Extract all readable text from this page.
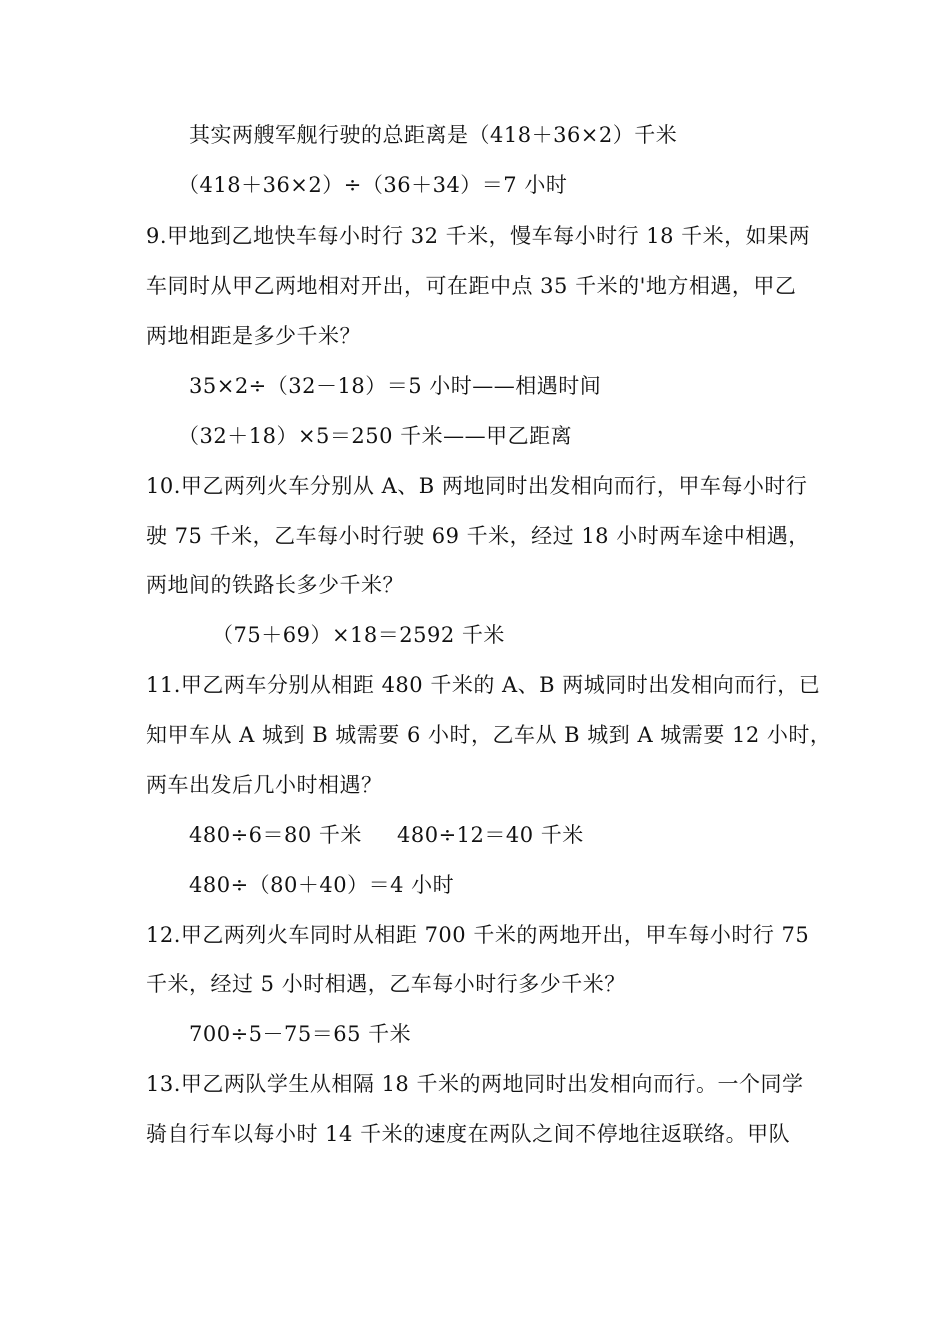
其实两艘军舰行驶的总距离是（418＋36×2）千米
（418＋36×2）÷（36＋34）＝7 小时
9.甲地到乙地快车每小时行 32 千米，慢车每小时行 18 千米，如果两
车同时从甲乙两地相对开出，可在距中点 35 千米的'地方相遇，甲乙
两地相距是多少千米？
35×2÷（32－18）＝5 小时——相遇时间
（32＋18）×5＝250 千米——甲乙距离
10.甲乙两列火车分别从 A、B 两地同时出发相向而行，甲车每小时行
驶 75 千米，乙车每小时行驶 69 千米，经过 18 小时两车途中相遇，
两地间的铁路长多少千米？
（75＋69）×18＝2592 千米
11.甲乙两车分别从相距 480 千米的 A、B 两城同时出发相向而行，已
知甲车从 A 城到 B 城需要 6 小时，乙车从 B 城到 A 城需要 12 小时，
两车出发后几小时相遇？
480÷6＝80 千米 480÷12＝40 千米
480÷（80＋40）＝4 小时
12.甲乙两列火车同时从相距 700 千米的两地开出，甲车每小时行 75
千米，经过 5 小时相遇，乙车每小时行多少千米？
700÷5－75＝65 千米
13.甲乙两队学生从相隔 18 千米的两地同时出发相向而行。一个同学
骑自行车以每小时 14 千米的速度在两队之间不停地往返联络。甲队
